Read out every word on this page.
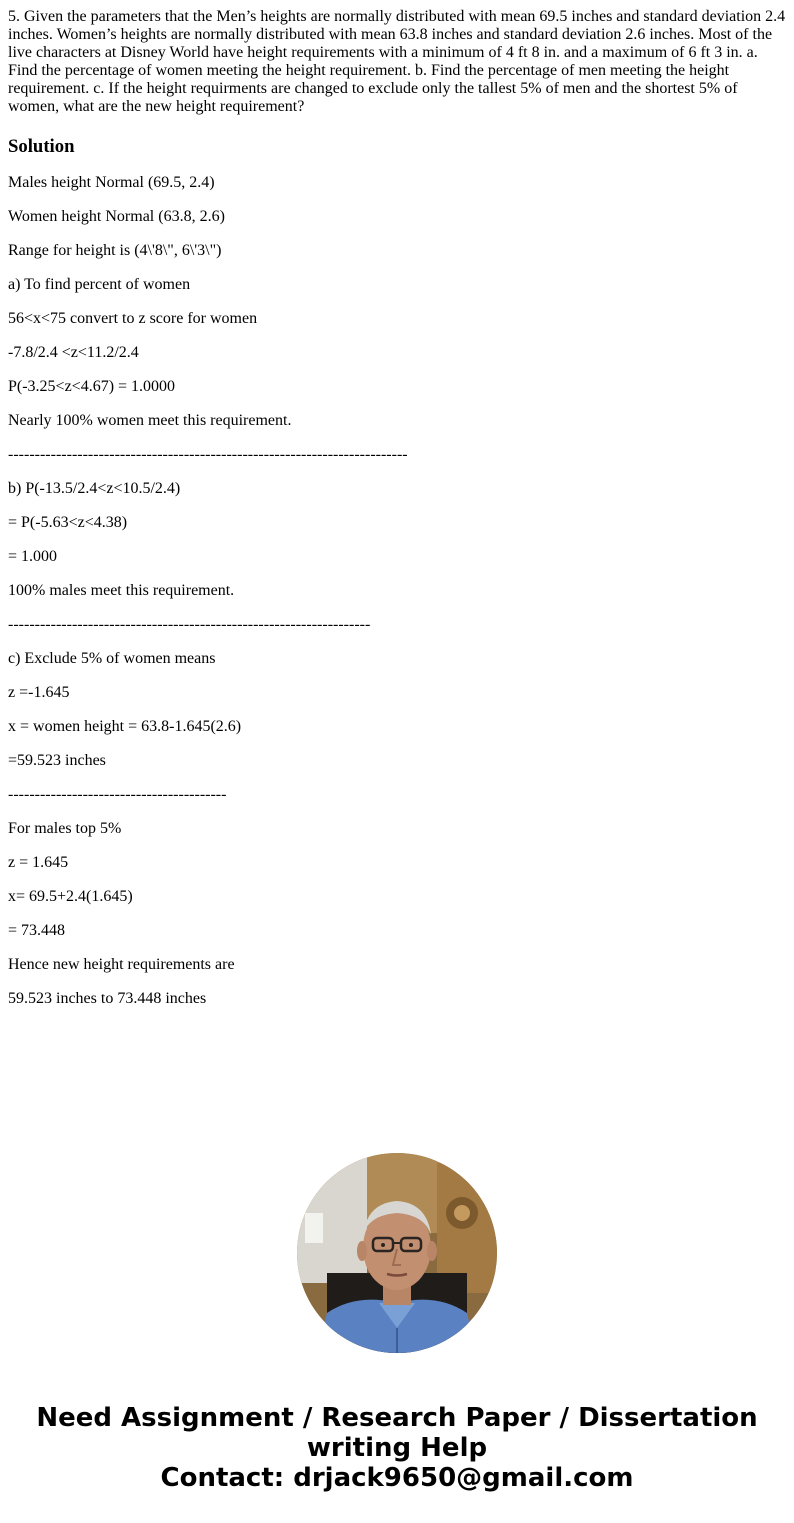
5. Given the parameters that the Men’s heights are normally distributed with mean 69.5 inches and standard deviation 2.4 inches. Women’s heights are normally distributed with mean 63.8 inches and standard deviation 2.6 inches. Most of the live characters at Disney World have height requirements with a minimum of 4 ft 8 in. and a maximum of 6 ft 3 in. a. Find the percentage of women meeting the height requirement. b. Find the percentage of men meeting the height requirement. c. If the height requirments are changed to exclude only the tallest 5% of men and the shortest 5% of women, what are the new height requirement?

Solution

Males height Normal (69.5, 2.4)

Women height Normal (63.8, 2.6)

Range for height is (4\'8\", 6\'3\")

a) To find percent of women

56<x<75 convert to z score for women

-7.8/2.4 <z<11.2/2.4

P(-3.25<z<4.67) = 1.0000

Nearly 100% women meet this requirement.

---------------------------------------------------------------------------

b) P(-13.5/2.4<z<10.5/2.4)

= P(-5.63<z<4.38)

= 1.000

100% males meet this requirement.

--------------------------------------------------------------------

c) Exclude 5% of women means

z =-1.645

x = women height = 63.8-1.645(2.6)

=59.523 inches

-----------------------------------------

For males top 5%

z = 1.645

x= 69.5+2.4(1.645)

= 73.448

Hence new height requirements are

59.523 inches to 73.448 inches

Need Assignment / Research Paper / Dissertation
writing Help
Contact: drjack9650@gmail.com
